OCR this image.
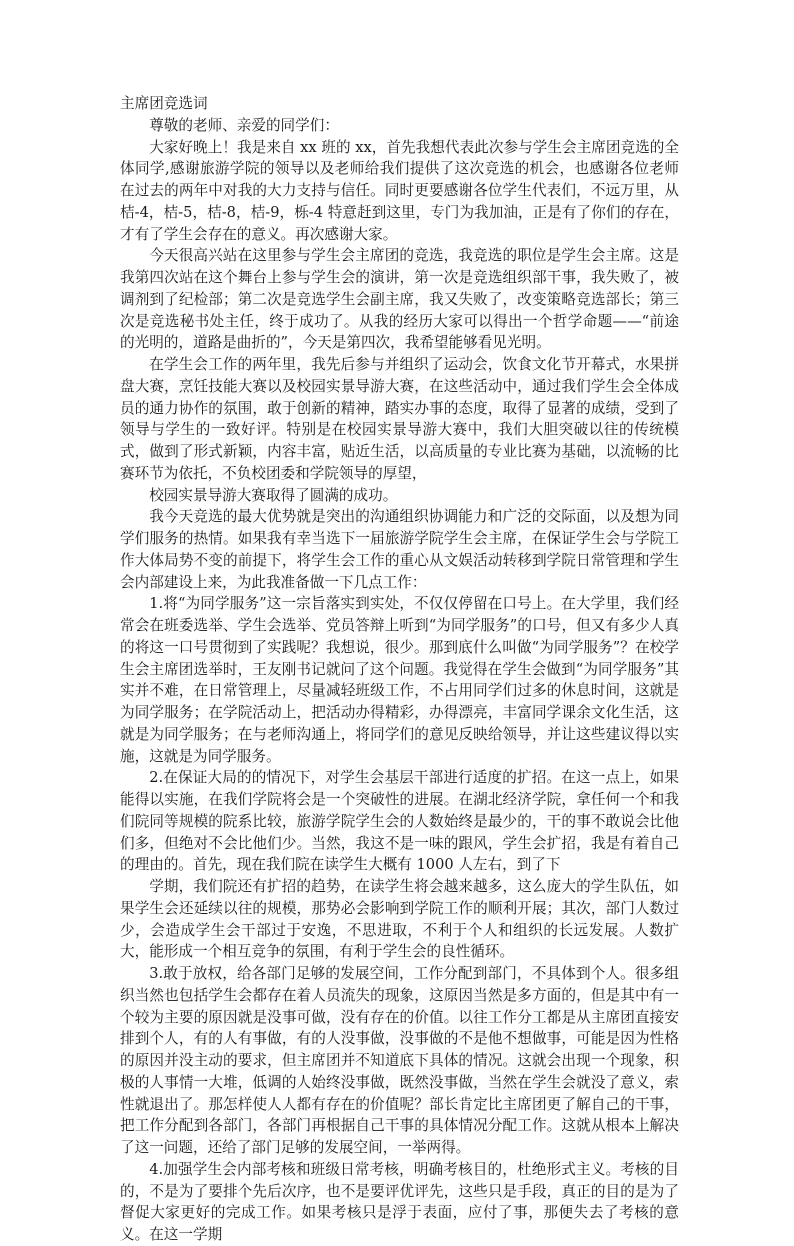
主席团竞选词

尊敬的老师、亲爱的同学们：

大家好晚上！我是来自 xx 班的 xx，首先我想代表此次参与学生会主席团竞选的全体同学,感谢旅游学院的领导以及老师给我们提供了这次竞选的机会，也感谢各位老师在过去的两年中对我的大力支持与信任。同时更要感谢各位学生代表们，不远万里，从桔-4，桔-5，桔-8，桔-9，栎-4 特意赶到这里，专门为我加油，正是有了你们的存在，才有了学生会存在的意义。再次感谢大家。

今天很高兴站在这里参与学生会主席团的竞选，我竞选的职位是学生会主席。这是我第四次站在这个舞台上参与学生会的演讲，第一次是竞选组织部干事，我失败了，被调剂到了纪检部；第二次是竞选学生会副主席，我又失败了，改变策略竞选部长；第三次是竞选秘书处主任，终于成功了。从我的经历大家可以得出一个哲学命题——“前途的光明的，道路是曲折的”，今天是第四次，我希望能够看见光明。

在学生会工作的两年里，我先后参与并组织了运动会，饮食文化节开幕式，水果拼盘大赛，烹饪技能大赛以及校园实景导游大赛，在这些活动中，通过我们学生会全体成员的通力协作的氛围，敢于创新的精神，踏实办事的态度，取得了显著的成绩，受到了领导与学生的一致好评。特别是在校园实景导游大赛中，我们大胆突破以往的传统模式，做到了形式新颖，内容丰富，贴近生活，以高质量的专业比赛为基础，以流畅的比赛环节为依托，不负校团委和学院领导的厚望，

校园实景导游大赛取得了圆满的成功。

我今天竞选的最大优势就是突出的沟通组织协调能力和广泛的交际面，以及想为同学们服务的热情。如果我有幸当选下一届旅游学院学生会主席，在保证学生会与学院工作大体局势不变的前提下，将学生会工作的重心从文娱活动转移到学院日常管理和学生会内部建设上来，为此我准备做一下几点工作：

1.将“为同学服务”这一宗旨落实到实处，不仅仅停留在口号上。在大学里，我们经常会在班委选举、学生会选举、党员答辩上听到“为同学服务”的口号，但又有多少人真的将这一口号贯彻到了实践呢？我想说，很少。那到底什么叫做“为同学服务”？在校学生会主席团选举时，王友刚书记就问了这个问题。我觉得在学生会做到“为同学服务”其实并不难，在日常管理上，尽量减轻班级工作，不占用同学们过多的休息时间，这就是为同学服务；在学院活动上，把活动办得精彩，办得漂亮，丰富同学课余文化生活，这就是为同学服务；在与老师沟通上，将同学们的意见反映给领导，并让这些建议得以实施，这就是为同学服务。

2.在保证大局的的情况下，对学生会基层干部进行适度的扩招。在这一点上，如果能得以实施，在我们学院将会是一个突破性的进展。在湖北经济学院，拿任何一个和我们院同等规模的院系比较，旅游学院学生会的人数始终是最少的，干的事不敢说会比他们多，但绝对不会比他们少。当然，我这不是一味的跟风，学生会扩招，我是有着自己的理由的。首先，现在我们院在读学生大概有 1000 人左右，到了下

学期，我们院还有扩招的趋势，在读学生将会越来越多，这么庞大的学生队伍，如果学生会还延续以往的规模，那势必会影响到学院工作的顺利开展；其次，部门人数过少，会造成学生会干部过于安逸，不思进取，不利于个人和组织的长远发展。人数扩大，能形成一个相互竞争的氛围，有利于学生会的良性循环。

3.敢于放权，给各部门足够的发展空间，工作分配到部门，不具体到个人。很多组织当然也包括学生会都存在着人员流失的现象，这原因当然是多方面的，但是其中有一个较为主要的原因就是没事可做，没有存在的价值。以往工作分工都是从主席团直接安排到个人，有的人有事做，有的人没事做，没事做的不是他不想做事，可能是因为性格的原因并没主动的要求，但主席团并不知道底下具体的情况。这就会出现一个现象，积极的人事情一大堆，低调的人始终没事做，既然没事做，当然在学生会就没了意义，索性就退出了。那怎样使人人都有存在的价值呢？部长肯定比主席团更了解自己的干事，把工作分配到各部门，各部门再根据自己干事的具体情况分配工作。这就从根本上解决了这一问题，还给了部门足够的发展空间，一举两得。

4.加强学生会内部考核和班级日常考核，明确考核目的，杜绝形式主义。考核的目的，不是为了要排个先后次序，也不是要评优评先，这些只是手段，真正的目的是为了督促大家更好的完成工作。如果考核只是浮于表面，应付了事，那便失去了考核的意义。在这一学期
